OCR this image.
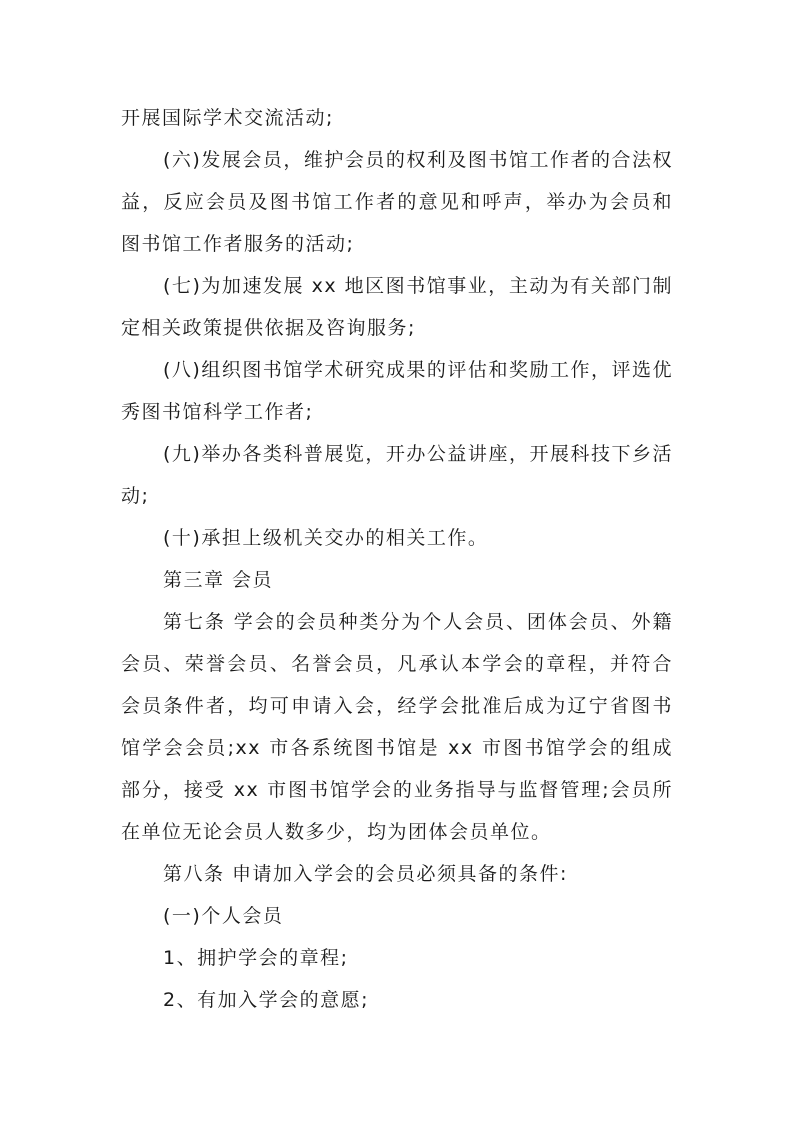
开展国际学术交流活动;

(六)发展会员，维护会员的权利及图书馆工作者的合法权益，反应会员及图书馆工作者的意见和呼声，举办为会员和图书馆工作者服务的活动;

(七)为加速发展 xx 地区图书馆事业，主动为有关部门制定相关政策提供依据及咨询服务;

(八)组织图书馆学术研究成果的评估和奖励工作，评选优秀图书馆科学工作者;

(九)举办各类科普展览，开办公益讲座，开展科技下乡活动;

(十)承担上级机关交办的相关工作。

第三章 会员

第七条 学会的会员种类分为个人会员、团体会员、外籍会员、荣誉会员、名誉会员，凡承认本学会的章程，并符合会员条件者，均可申请入会，经学会批准后成为辽宁省图书馆学会会员;xx 市各系统图书馆是 xx 市图书馆学会的组成部分，接受 xx 市图书馆学会的业务指导与监督管理;会员所在单位无论会员人数多少，均为团体会员单位。

第八条 申请加入学会的会员必须具备的条件:

(一)个人会员

1、拥护学会的章程;

2、有加入学会的意愿;
